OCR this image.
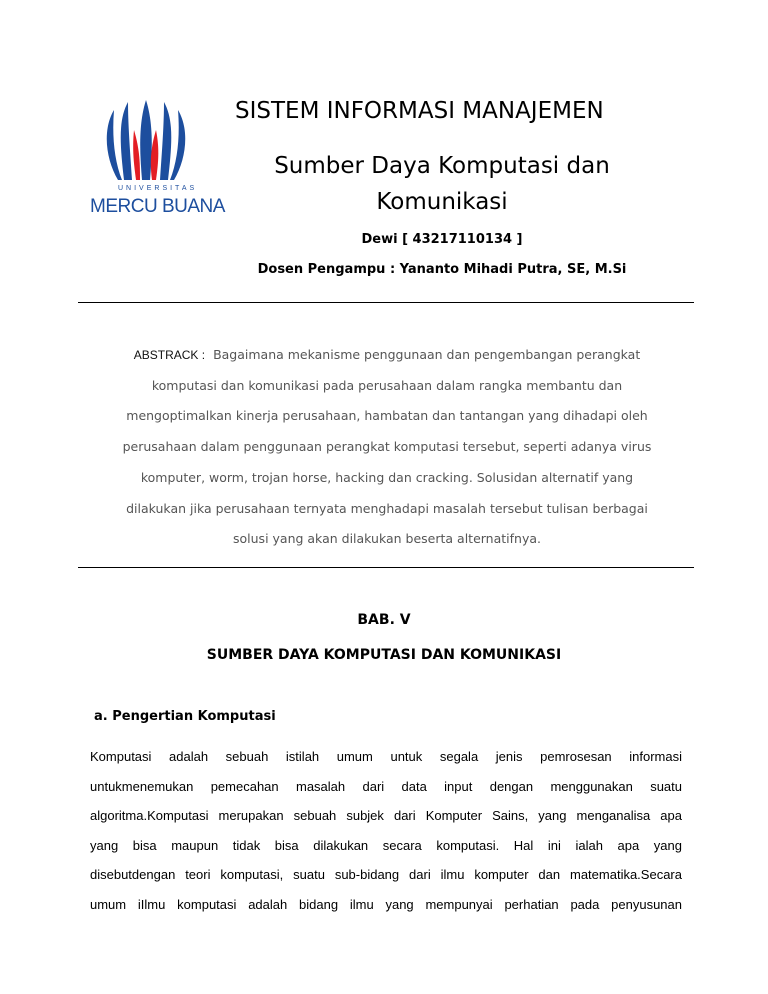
UNIVERSITAS
MERCU BUANA
SISTEM INFORMASI MANAJEMEN
Sumber Daya Komputasi dan
Komunikasi
Dewi [ 43217110134 ]
Dosen Pengampu : Yananto Mihadi Putra, SE, M.Si
ABSTRACK : Bagaimana mekanisme penggunaan dan pengembangan perangkat
komputasi dan komunikasi pada perusahaan dalam rangka membantu dan
mengoptimalkan kinerja perusahaan, hambatan dan tantangan yang dihadapi oleh
perusahaan dalam penggunaan perangkat komputasi tersebut, seperti adanya virus
komputer, worm, trojan horse, hacking dan cracking. Solusidan alternatif yang
dilakukan jika perusahaan ternyata menghadapi masalah tersebut tulisan berbagai
solusi yang akan dilakukan beserta alternatifnya.
BAB. V
SUMBER DAYA KOMPUTASI DAN KOMUNIKASI
a. Pengertian Komputasi
Komputasi adalah sebuah istilah umum untuk segala jenis pemrosesan informasi
untukmenemukan pemecahan masalah dari data input dengan menggunakan suatu
algoritma.Komputasi merupakan sebuah subjek dari Komputer Sains, yang menganalisa apa
yang bisa maupun tidak bisa dilakukan secara komputasi. Hal ini ialah apa yang
disebutdengan teori komputasi, suatu sub-bidang dari ilmu komputer dan matematika.Secara
umum iIlmu komputasi adalah bidang ilmu yang mempunyai perhatian pada penyusunan
